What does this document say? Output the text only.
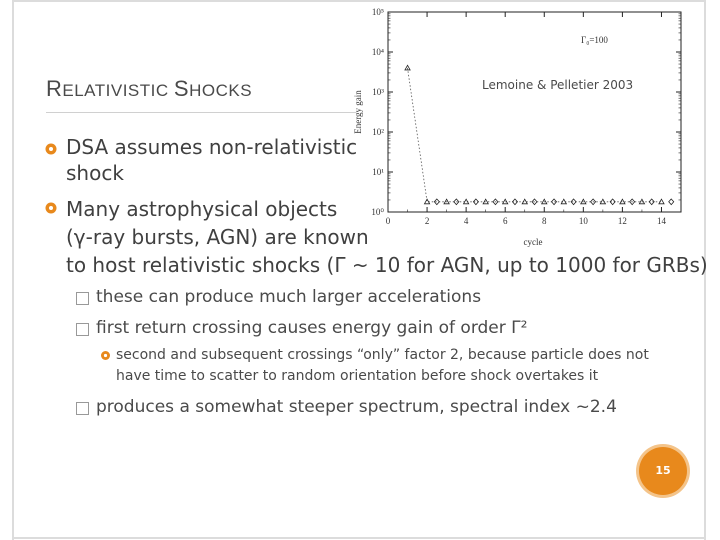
RELATIVISTIC SHOCKS
Γ₀=100
Energy gain
cycle
10⁰
10¹
10²
10³
10⁴
10⁵
0	2	4	6	8	10	12	14
Lemoine & Pelletier 2003
DSA assumes non-relativistic
shock
Many astrophysical objects
(γ-ray bursts, AGN) are known
to host relativistic shocks (Γ ~ 10 for AGN, up to 1000 for GRBs)
these can produce much larger accelerations
first return crossing causes energy gain of order Γ²
second and subsequent crossings “only” factor 2, because particle does not
have time to scatter to random orientation before shock overtakes it
produces a somewhat steeper spectrum, spectral index ~2.4
15
